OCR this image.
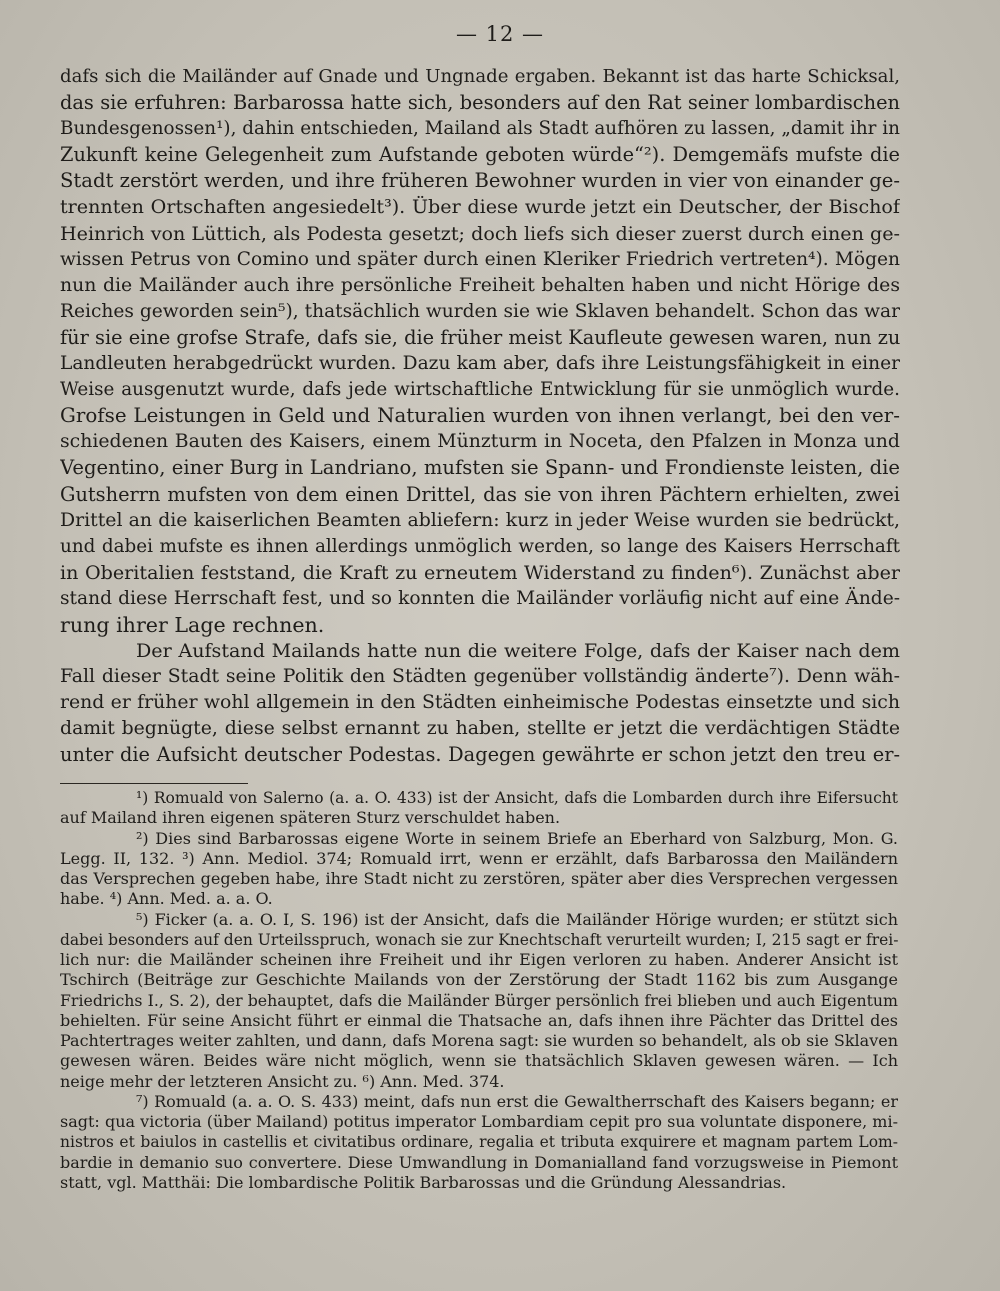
— 12 —
dafs sich die Mailänder auf Gnade und Ungnade ergaben. Bekannt ist das harte Schicksal,
das sie erfuhren: Barbarossa hatte sich, besonders auf den Rat seiner lombardischen
Bundesgenossen¹), dahin entschieden, Mailand als Stadt aufhören zu lassen, „damit ihr in
Zukunft keine Gelegenheit zum Aufstande geboten würde“²). Demgemäfs mufste die
Stadt zerstört werden, und ihre früheren Bewohner wurden in vier von einander ge-
trennten Ortschaften angesiedelt³). Über diese wurde jetzt ein Deutscher, der Bischof
Heinrich von Lüttich, als Podesta gesetzt; doch liefs sich dieser zuerst durch einen ge-
wissen Petrus von Comino und später durch einen Kleriker Friedrich vertreten⁴). Mögen
nun die Mailänder auch ihre persönliche Freiheit behalten haben und nicht Hörige des
Reiches geworden sein⁵), thatsächlich wurden sie wie Sklaven behandelt. Schon das war
für sie eine grofse Strafe, dafs sie, die früher meist Kaufleute gewesen waren, nun zu
Landleuten herabgedrückt wurden. Dazu kam aber, dafs ihre Leistungsfähigkeit in einer
Weise ausgenutzt wurde, dafs jede wirtschaftliche Entwicklung für sie unmöglich wurde.
Grofse Leistungen in Geld und Naturalien wurden von ihnen verlangt, bei den ver-
schiedenen Bauten des Kaisers, einem Münzturm in Noceta, den Pfalzen in Monza und
Vegentino, einer Burg in Landriano, mufsten sie Spann- und Frondienste leisten, die
Gutsherrn mufsten von dem einen Drittel, das sie von ihren Pächtern erhielten, zwei
Drittel an die kaiserlichen Beamten abliefern: kurz in jeder Weise wurden sie bedrückt,
und dabei mufste es ihnen allerdings unmöglich werden, so lange des Kaisers Herrschaft
in Oberitalien feststand, die Kraft zu erneutem Widerstand zu finden⁶). Zunächst aber
stand diese Herrschaft fest, und so konnten die Mailänder vorläufig nicht auf eine Ände-
rung ihrer Lage rechnen.
Der Aufstand Mailands hatte nun die weitere Folge, dafs der Kaiser nach dem
Fall dieser Stadt seine Politik den Städten gegenüber vollständig änderte⁷). Denn wäh-
rend er früher wohl allgemein in den Städten einheimische Podestas einsetzte und sich
damit begnügte, diese selbst ernannt zu haben, stellte er jetzt die verdächtigen Städte
unter die Aufsicht deutscher Podestas. Dagegen gewährte er schon jetzt den treu er-
¹) Romuald von Salerno (a. a. O. 433) ist der Ansicht, dafs die Lombarden durch ihre Eifersucht
auf Mailand ihren eigenen späteren Sturz verschuldet haben.
²) Dies sind Barbarossas eigene Worte in seinem Briefe an Eberhard von Salzburg, Mon. G.
Legg. II, 132. ³) Ann. Mediol. 374; Romuald irrt, wenn er erzählt, dafs Barbarossa den Mailändern
das Versprechen gegeben habe, ihre Stadt nicht zu zerstören, später aber dies Versprechen vergessen
habe. ⁴) Ann. Med. a. a. O.
⁵) Ficker (a. a. O. I, S. 196) ist der Ansicht, dafs die Mailänder Hörige wurden; er stützt sich
dabei besonders auf den Urteilsspruch, wonach sie zur Knechtschaft verurteilt wurden; I, 215 sagt er frei-
lich nur: die Mailänder scheinen ihre Freiheit und ihr Eigen verloren zu haben. Anderer Ansicht ist
Tschirch (Beiträge zur Geschichte Mailands von der Zerstörung der Stadt 1162 bis zum Ausgange
Friedrichs I., S. 2), der behauptet, dafs die Mailänder Bürger persönlich frei blieben und auch Eigentum
behielten. Für seine Ansicht führt er einmal die Thatsache an, dafs ihnen ihre Pächter das Drittel des
Pachtertrages weiter zahlten, und dann, dafs Morena sagt: sie wurden so behandelt, als ob sie Sklaven
gewesen wären. Beides wäre nicht möglich, wenn sie thatsächlich Sklaven gewesen wären. — Ich
neige mehr der letzteren Ansicht zu. ⁶) Ann. Med. 374.
⁷) Romuald (a. a. O. S. 433) meint, dafs nun erst die Gewaltherrschaft des Kaisers begann; er
sagt: qua victoria (über Mailand) potitus imperator Lombardiam cepit pro sua voluntate disponere, mi-
nistros et baiulos in castellis et civitatibus ordinare, regalia et tributa exquirere et magnam partem Lom-
bardie in demanio suo convertere. Diese Umwandlung in Domanialland fand vorzugsweise in Piemont
statt, vgl. Matthäi: Die lombardische Politik Barbarossas und die Gründung Alessandrias.
